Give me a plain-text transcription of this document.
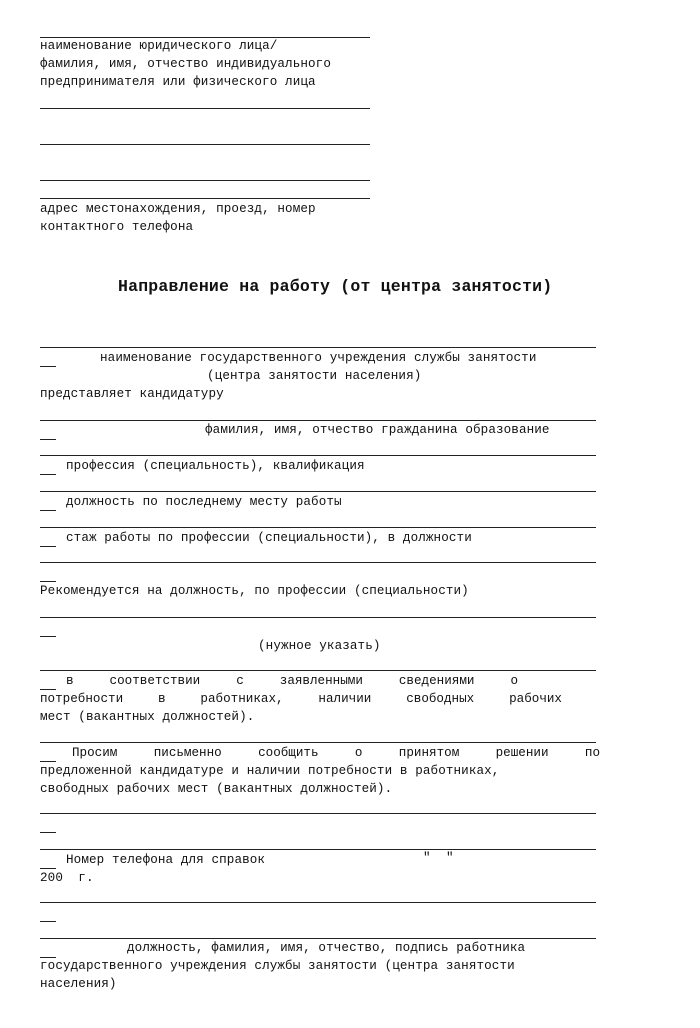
наименование юридического лица/
фамилия, имя, отчество индивидуального
предпринимателя или физического лица
адрес местонахождения, проезд, номер
контактного телефона
Направление на работу (от центра занятости)
наименование государственного учреждения службы занятости
(центра занятости населения)
представляет кандидатуру
фамилия, имя, отчество гражданина образование
профессия (специальность), квалификация
должность по последнему месту работы
стаж работы по профессии (специальности), в должности
Рекомендуется на должность, по профессии (специальности)
(нужное указать)
в соответствии с заявленными сведениями о
потребности в работниках, наличии свободных рабочих
мест (вакантных должностей).
Просим письменно сообщить о принятом решении по
предложенной кандидатуре и наличии потребности в работниках,
свободных рабочих мест (вакантных должностей).
Номер телефона для справок	"  "
200  г.
должность, фамилия, имя, отчество, подпись работника
государственного учреждения службы занятости (центра занятости
населения)
